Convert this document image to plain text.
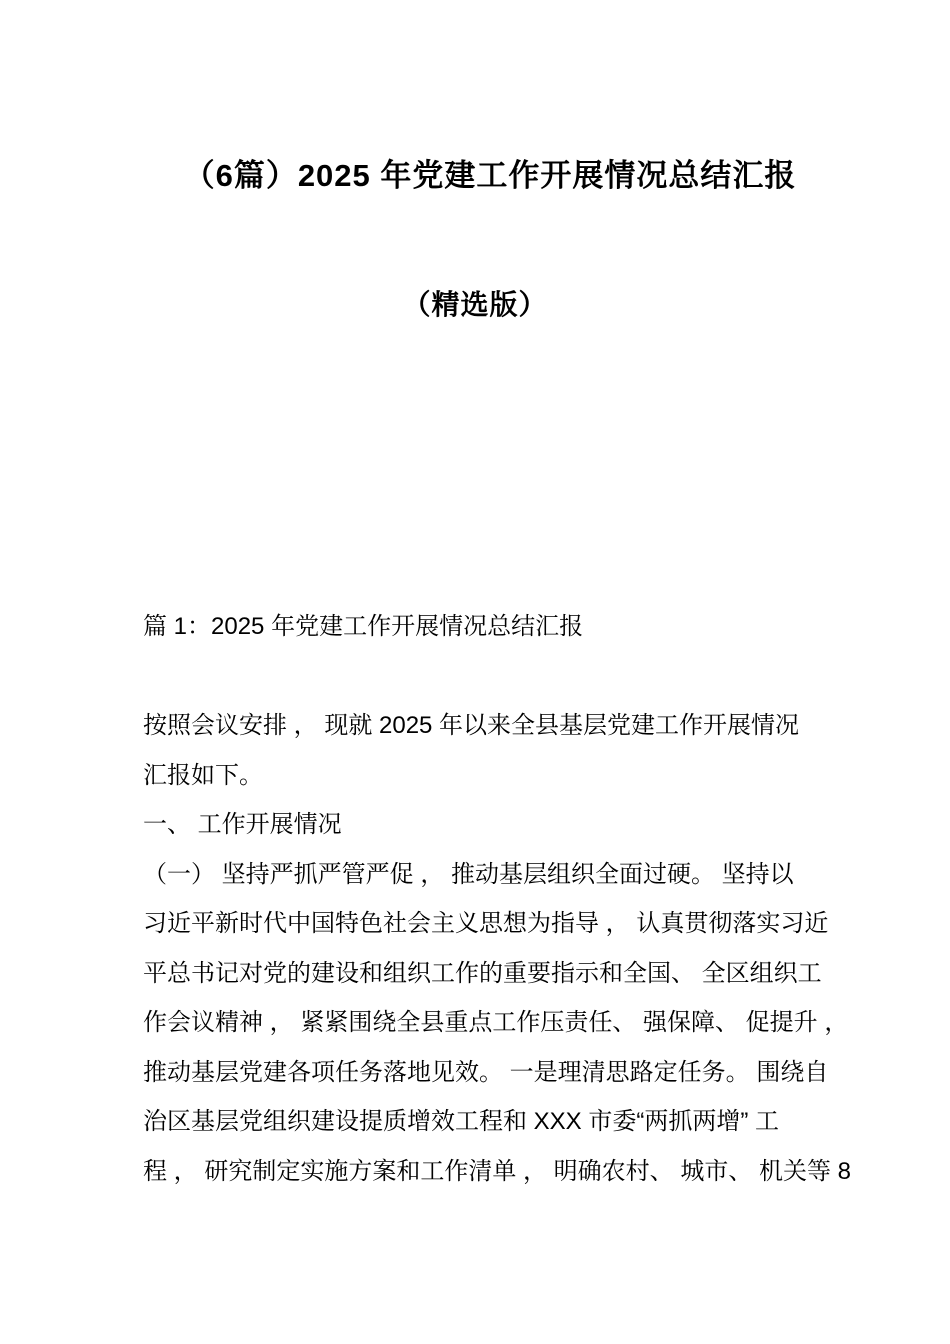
（6篇）2025 年党建工作开展情况总结汇报
（精选版）
篇 1：2025 年党建工作开展情况总结汇报
按照会议安排 ， 现就 2025 年以来全县基层党建工作开展情况
汇报如下。
一、 工作开展情况
（一） 坚持严抓严管严促 ， 推动基层组织全面过硬。 坚持以
习近平新时代中国特色社会主义思想为指导 ， 认真贯彻落实习近
平总书记对党的建设和组织工作的重要指示和全国、 全区组织工
作会议精神 ， 紧紧围绕全县重点工作压责任、 强保障、 促提升 ，
推动基层党建各项任务落地见效。 一是理清思路定任务。 围绕自
治区基层党组织建设提质增效工程和 XXX 市委“两抓两增” 工
程 ， 研究制定实施方案和工作清单 ， 明确农村、 城市、 机关等 8
